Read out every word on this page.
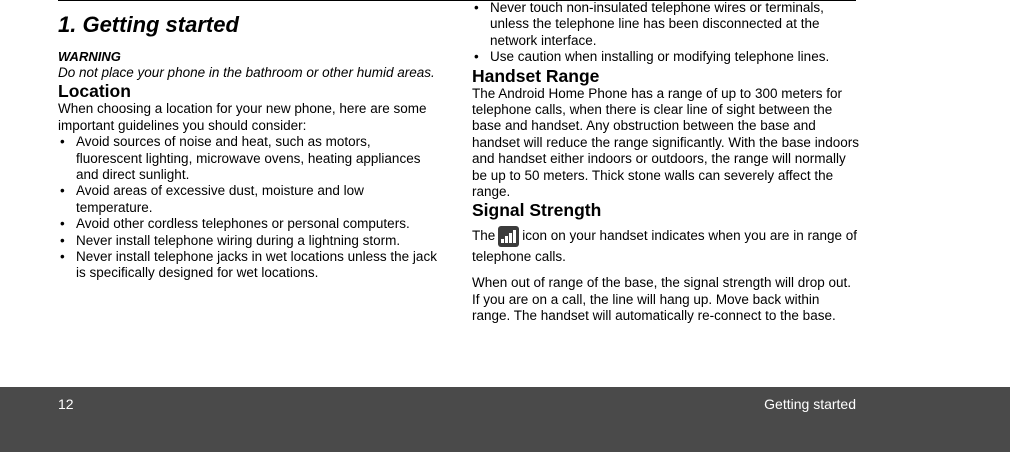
1. Getting started
WARNING

Do not place your phone in the bathroom or other humid areas.

Location

When choosing a location for your new phone, here are some important guidelines you should consider:

• Avoid sources of noise and heat, such as motors, fluorescent lighting, microwave ovens, heating appliances and direct sunlight.
• Avoid areas of excessive dust, moisture and low temperature.
• Avoid other cordless telephones or personal computers.
• Never install telephone wiring during a lightning storm.
• Never install telephone jacks in wet locations unless the jack is specifically designed for wet locations.
• Never touch non-insulated telephone wires or terminals, unless the telephone line has been disconnected at the network interface.
• Use caution when installing or modifying telephone lines.
Handset Range

The Android Home Phone has a range of up to 300 meters for telephone calls, when there is clear line of sight between the base and handset. Any obstruction between the base and handset will reduce the range significantly. With the base indoors and handset either indoors or outdoors, the range will normally be up to 50 meters. Thick stone walls can severely affect the range.

Signal Strength

The icon on your handset indicates when you are in range of telephone calls.

When out of range of the base, the signal strength will drop out. If you are on a call, the line will hang up. Move back within range. The handset will automatically re-connect to the base.

12	Getting started
